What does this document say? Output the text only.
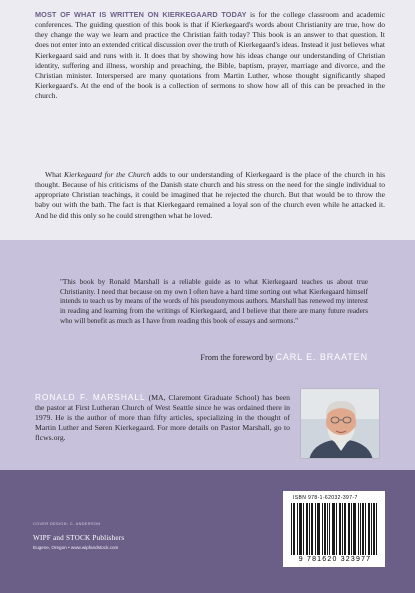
MOST OF WHAT IS WRITTEN ON KIERKEGAARD TODAY is for the college classroom and academic conferences. The guiding question of this book is that if Kierkegaard's words about Christianity are true, how do they change the way we learn and practice the Christian faith today? This book is an answer to that question. It does not enter into an extended critical discussion over the truth of Kierkegaard's ideas. Instead it just believes what Kierkegaard said and runs with it. It does that by showing how his ideas change our understanding of Christian identity, suffering and illness, worship and preaching, the Bible, baptism, prayer, marriage and divorce, and the Christian minister. Interspersed are many quotations from Martin Luther, whose thought significantly shaped Kierkegaard's. At the end of the book is a collection of sermons to show how all of this can be preached in the church.

What Kierkegaard for the Church adds to our understanding of Kierkegaard is the place of the church in his thought. Because of his criticisms of the Danish state church and his stress on the need for the single individual to appropriate Christian teachings, it could be imagined that he rejected the church. But that would be to throw the baby out with the bath. The fact is that Kierkegaard remained a loyal son of the church even while he attacked it. And he did this only so he could strengthen what he loved.

"This book by Ronald Marshall is a reliable guide as to what Kierkegaard teaches us about true Christianity. I need that because on my own I often have a hard time sorting out what Kierkegaard himself intends to teach us by means of the words of his pseudonymous authors. Marshall has renewed my interest in reading and learning from the writings of Kierkegaard, and I believe that there are many future readers who will benefit as much as I have from reading this book of essays and sermons."
From the foreword by CARL E. BRAATEN
RONALD F. MARSHALL (MA, Claremont Graduate School) has been the pastor at First Lutheran Church of West Seattle since he was ordained there in 1979. He is the author of more than fifty articles, specializing in the thought of Martin Luther and Søren Kierkegaard. For more details on Pastor Marshall, go to flcws.org.
COVER DESIGN: C. ANDERSON
WIPF and STOCK Publishers
Eugene, Oregon • www.wipfandstock.com
ISBN 978-1-62032-397-7
9 781620 323977
